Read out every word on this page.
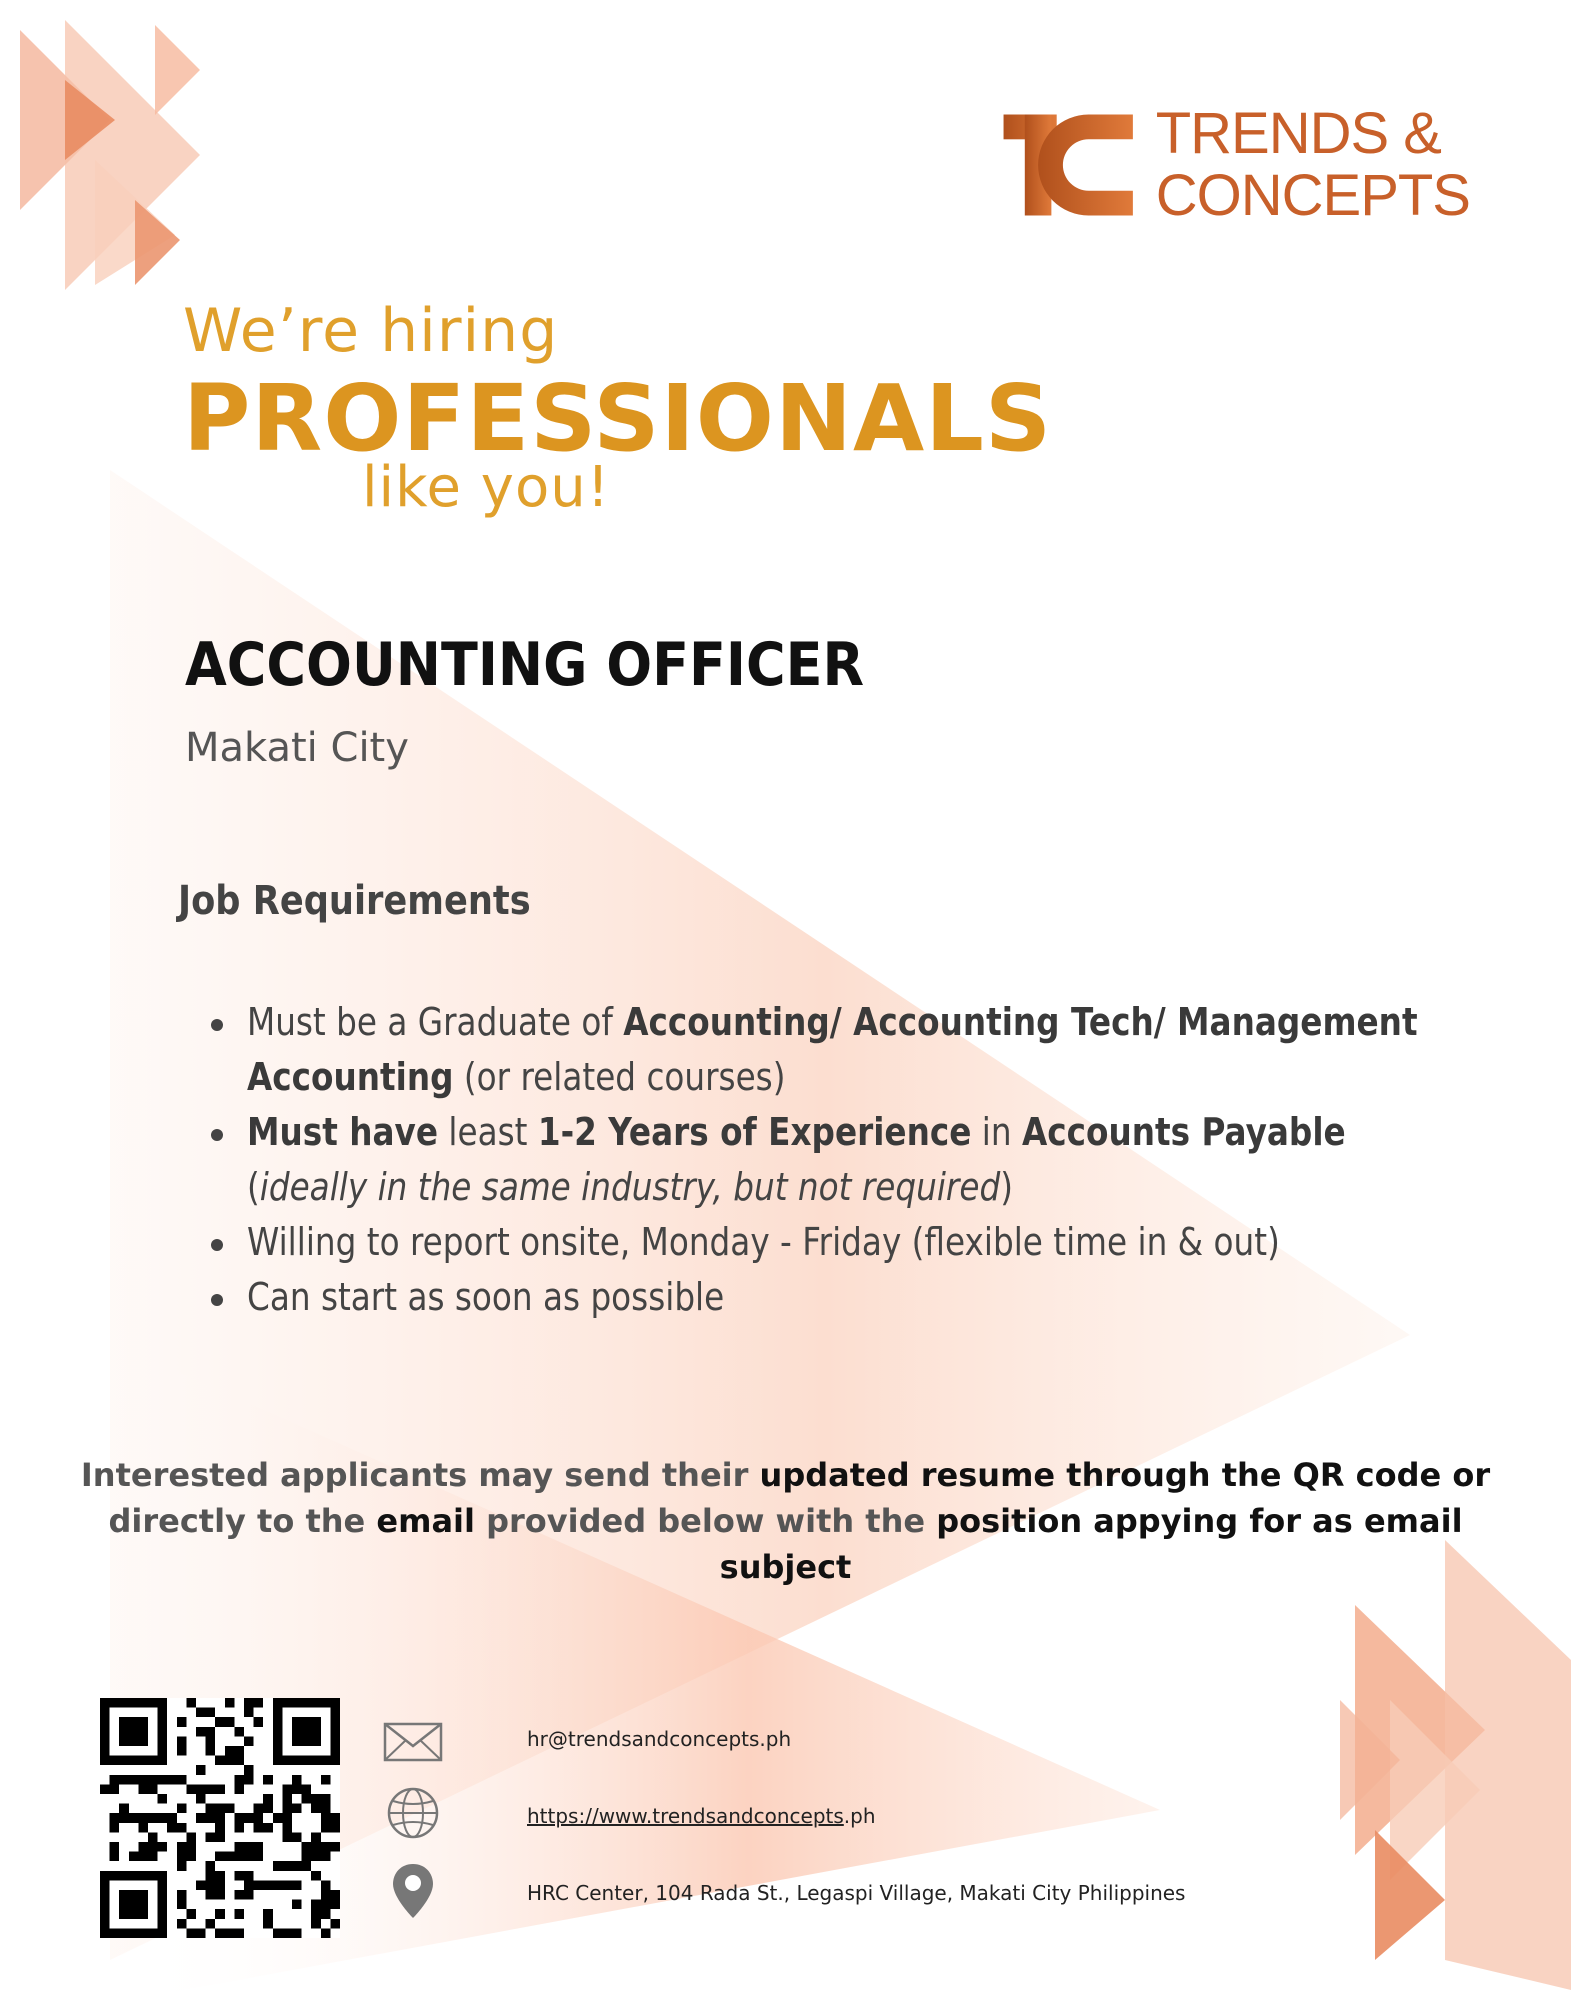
TRENDS &
CONCEPTS
We’re hiring
PROFESSIONALS
like you!
ACCOUNTING OFFICER
Makati City
Job Requirements
Must be a Graduate of Accounting/ Accounting Tech/ Management Accounting (or related courses)
Must have least 1-2 Years of Experience in Accounts Payable (ideally in the same industry, but not required)
Willing to report onsite, Monday - Friday (flexible time in & out)
Can start as soon as possible
Interested applicants may send their updated resume through the QR code or
directly to the email provided below with the position appying for as email subject
hr@trendsandconcepts.ph
https://www.trendsandconcepts.ph
HRC Center, 104 Rada St., Legaspi Village, Makati City Philippines
